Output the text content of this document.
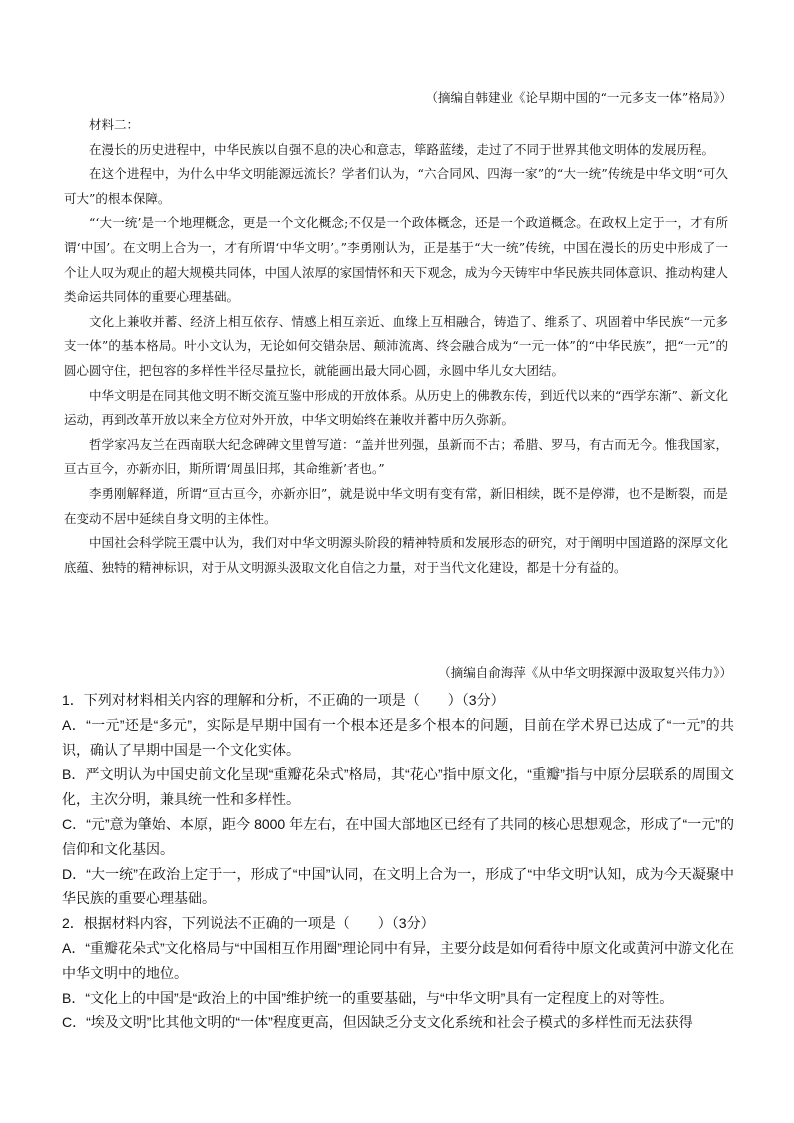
（摘编自韩建业《论早期中国的“一元多支一体”格局》）

材料二：

在漫长的历史进程中，中华民族以自强不息的决心和意志，筚路蓝缕，走过了不同于世界其他文明体的发展历程。

在这个进程中，为什么中华文明能源远流长？学者们认为，“六合同风、四海一家”的“大一统”传统是中华文明“可久可大”的根本保障。

“‘大一统’是一个地理概念，更是一个文化概念;不仅是一个政体概念，还是一个政道概念。在政权上定于一，才有所谓‘中国’。在文明上合为一，才有所谓‘中华文明’。”李勇刚认为，正是基于“大一统”传统，中国在漫长的历史中形成了一个让人叹为观止的超大规模共同体，中国人浓厚的家国情怀和天下观念，成为今天铸牢中华民族共同体意识、推动构建人类命运共同体的重要心理基础。

文化上兼收并蓄、经济上相互依存、情感上相互亲近、血缘上互相融合，铸造了、维系了、巩固着中华民族“一元多支一体”的基本格局。叶小文认为，无论如何交错杂居、颠沛流离、终会融合成为“一元一体”的“中华民族”，把“一元”的圆心圆守住，把包容的多样性半径尽量拉长，就能画出最大同心圆，永圆中华儿女大团结。

中华文明是在同其他文明不断交流互鉴中形成的开放体系。从历史上的佛教东传，到近代以来的“西学东渐”、新文化运动，再到改革开放以来全方位对外开放，中华文明始终在兼收并蓄中历久弥新。

哲学家冯友兰在西南联大纪念碑碑文里曾写道：“盖并世列强，虽新而不古；希腊、罗马，有古而无今。惟我国家，亘古亘今，亦新亦旧，斯所谓‘周虽旧邦，其命维新’者也。”

李勇刚解释道，所谓“亘古亘今，亦新亦旧”，就是说中华文明有变有常，新旧相续，既不是停滞，也不是断裂，而是在变动不居中延续自身文明的主体性。

中国社会科学院王震中认为，我们对中华文明源头阶段的精神特质和发展形态的研究，对于阐明中国道路的深厚文化底蕴、独特的精神标识，对于从文明源头汲取文化自信之力量，对于当代文化建设，都是十分有益的。

（摘编自俞海萍《从中华文明探源中汲取复兴伟力》）

1．下列对材料相关内容的理解和分析，不正确的一项是（　　）（3分）

A．“一元”还是“多元”，实际是早期中国有一个根本还是多个根本的问题，目前在学术界已达成了“一元”的共识，确认了早期中国是一个文化实体。

B．严文明认为中国史前文化呈现“重瓣花朵式”格局，其“花心”指中原文化，“重瓣”指与中原分层联系的周围文化，主次分明，兼具统一性和多样性。

C．“元”意为肇始、本原，距今 8000 年左右，在中国大部地区已经有了共同的核心思想观念，形成了“一元”的信仰和文化基因。

D．“大一统”在政治上定于一，形成了“中国”认同，在文明上合为一，形成了“中华文明”认知，成为今天凝聚中华民族的重要心理基础。

2．根据材料内容，下列说法不正确的一项是（　　）（3分）

A．“重瓣花朵式”文化格局与“中国相互作用圈”理论同中有异，主要分歧是如何看待中原文化或黄河中游文化在中华文明中的地位。

B．“文化上的中国”是“政治上的中国”维护统一的重要基础，与“中华文明”具有一定程度上的对等性。

C．“埃及文明”比其他文明的“一体”程度更高，但因缺乏分支文化系统和社会子模式的多样性而无法获得
